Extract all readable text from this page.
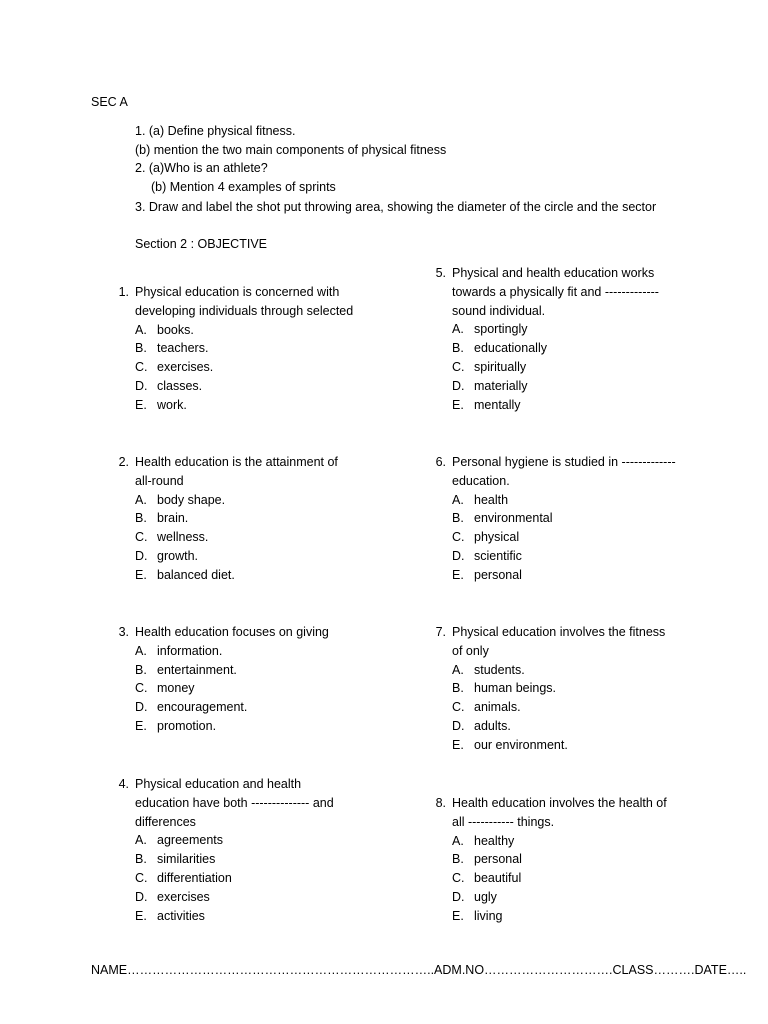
SEC A
1. (a) Define physical fitness.
(b) mention the two main components of physical fitness
2. (a)Who is an athlete?
(b) Mention 4 examples of sprints
3. Draw and label the shot put throwing area, showing the diameter of the circle and the sector
Section 2 : OBJECTIVE
1. Physical education is concerned with
developing individuals through selected
A. books.
B. teachers.
C. exercises.
D. classes.
E. work.
2. Health education is the attainment of
all-round
A. body shape.
B. brain.
C. wellness.
D. growth.
E. balanced diet.
3. Health education focuses on giving
A. information.
B. entertainment.
C. money
D. encouragement.
E. promotion.
4. Physical education and health
education have both -------------- and
differences
A. agreements
B. similarities
C. differentiation
D. exercises
E. activities
5. Physical and health education works
towards a physically fit and -------------
sound individual.
A. sportingly
B. educationally
C. spiritually
D. materially
E. mentally
6. Personal hygiene is studied in -------------
education.
A. health
B. environmental
C. physical
D. scientific
E. personal
7. Physical education involves the fitness
of only
A. students.
B. human beings.
C. animals.
D. adults.
E. our environment.
8. Health education involves the health of
all ----------- things.
A. healthy
B. personal
C. beautiful
D. ugly
E. living
NAME………………………………………………………………..ADM.NO………………………….CLASS……….DATE…..
